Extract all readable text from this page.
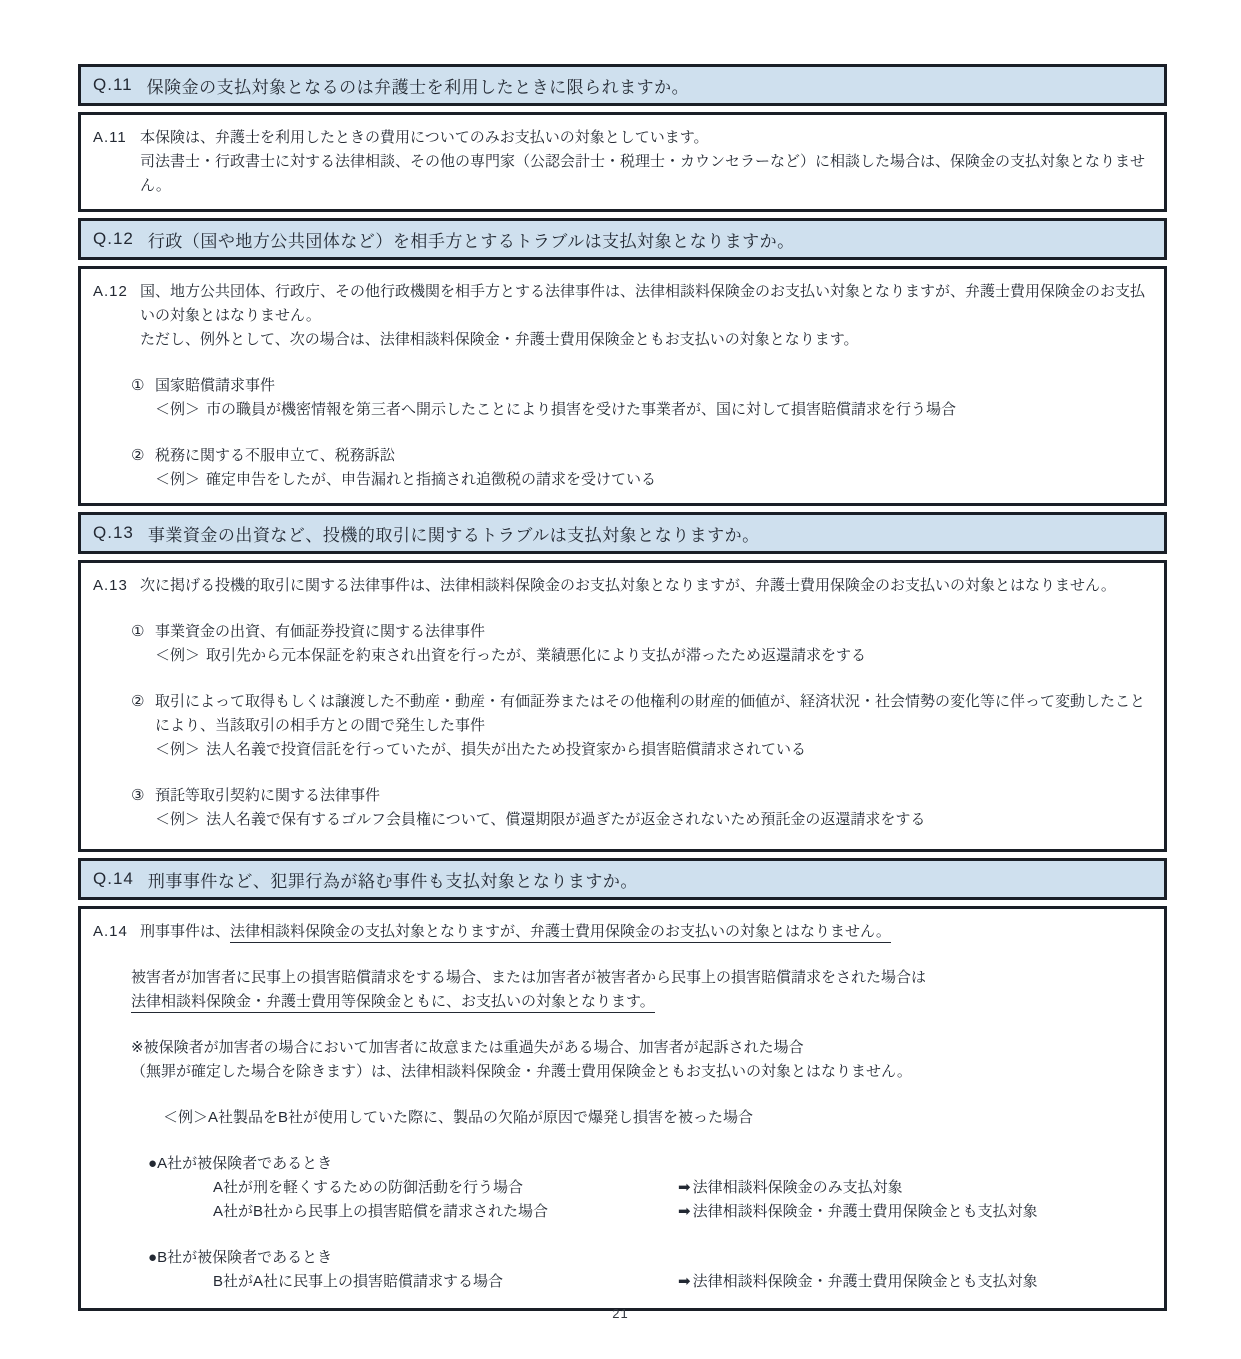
Q.11 保険金の支払対象となるのは弁護士を利用したときに限られますか。
A.11 本保険は、弁護士を利用したときの費用についてのみお支払いの対象としています。
司法書士・行政書士に対する法律相談、その他の専門家（公認会計士・税理士・カウンセラーなど）に相談した場合は、保険金の支払対象となりません。
Q.12 行政（国や地方公共団体など）を相手方とするトラブルは支払対象となりますか。
A.12 国、地方公共団体、行政庁、その他行政機関を相手方とする法律事件は、法律相談料保険金のお支払い対象となりますが、弁護士費用保険金のお支払いの対象とはなりません。
ただし、例外として、次の場合は、法律相談料保険金・弁護士費用保険金ともお支払いの対象となります。
① 国家賠償請求事件
＜例＞ 市の職員が機密情報を第三者へ開示したことにより損害を受けた事業者が、国に対して損害賠償請求を行う場合
② 税務に関する不服申立て、税務訴訟
＜例＞ 確定申告をしたが、申告漏れと指摘され追徴税の請求を受けている
Q.13 事業資金の出資など、投機的取引に関するトラブルは支払対象となりますか。
A.13 次に掲げる投機的取引に関する法律事件は、法律相談料保険金のお支払対象となりますが、弁護士費用保険金のお支払いの対象とはなりません。
① 事業資金の出資、有価証券投資に関する法律事件
＜例＞ 取引先から元本保証を約束され出資を行ったが、業績悪化により支払が滞ったため返還請求をする
② 取引によって取得もしくは譲渡した不動産・動産・有価証券またはその他権利の財産的価値が、経済状況・社会情勢の変化等に伴って変動したことにより、当該取引の相手方との間で発生した事件
＜例＞ 法人名義で投資信託を行っていたが、損失が出たため投資家から損害賠償請求されている
③ 預託等取引契約に関する法律事件
＜例＞ 法人名義で保有するゴルフ会員権について、償還期限が過ぎたが返金されないため預託金の返還請求をする
Q.14 刑事事件など、犯罪行為が絡む事件も支払対象となりますか。
A.14 刑事事件は、法律相談料保険金の支払対象となりますが、弁護士費用保険金のお支払いの対象とはなりません。
被害者が加害者に民事上の損害賠償請求をする場合、または加害者が被害者から民事上の損害賠償請求をされた場合は
法律相談料保険金・弁護士費用等保険金ともに、お支払いの対象となります。
※被保険者が加害者の場合において加害者に故意または重過失がある場合、加害者が起訴された場合
（無罪が確定した場合を除きます）は、法律相談料保険金・弁護士費用保険金ともお支払いの対象とはなりません。
＜例＞A社製品をB社が使用していた際に、製品の欠陥が原因で爆発し損害を被った場合
●A社が被保険者であるとき
A社が刑を軽くするための防御活動を行う場合	➡ 法律相談料保険金のみ支払対象
A社がB社から民事上の損害賠償を請求された場合	➡ 法律相談料保険金・弁護士費用保険金とも支払対象
●B社が被保険者であるとき
B社がA社に民事上の損害賠償請求する場合	➡ 法律相談料保険金・弁護士費用保険金とも支払対象
21
